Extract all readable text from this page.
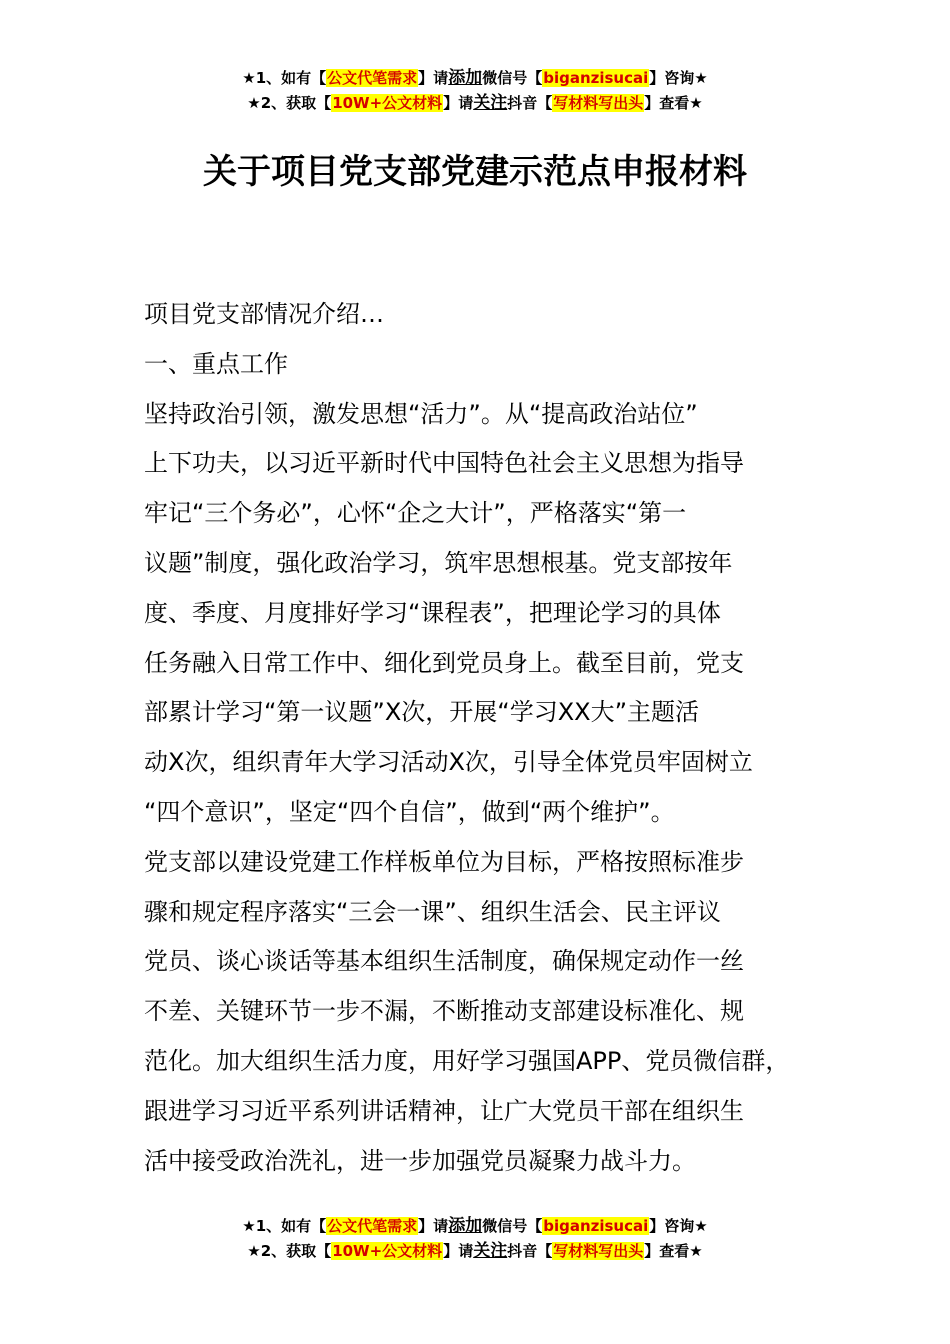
★1、如有【公文代笔需求】请添加微信号【biganzisucai】咨询★
★2、获取【10W+公文材料】请关注抖音【写材料写出头】查看★
关于项目党支部党建示范点申报材料
项目党支部情况介绍…
一、重点工作
坚持政治引领，激发思想“活力”。从“提高政治站位”
上下功夫，以习近平新时代中国特色社会主义思想为指导
牢记“三个务必”，心怀“企之大计”，严格落实“第一
议题”制度，强化政治学习，筑牢思想根基。党支部按年
度、季度、月度排好学习“课程表”，把理论学习的具体
任务融入日常工作中、细化到党员身上。截至目前，党支
部累计学习“第一议题”X次，开展“学习XX大”主题活
动X次，组织青年大学习活动X次，引导全体党员牢固树立
“四个意识”，坚定“四个自信”，做到“两个维护”。
党支部以建设党建工作样板单位为目标，严格按照标准步
骤和规定程序落实“三会一课”、组织生活会、民主评议
党员、谈心谈话等基本组织生活制度，确保规定动作一丝
不差、关键环节一步不漏，不断推动支部建设标准化、规
范化。加大组织生活力度，用好学习强国APP、党员微信群，
跟进学习习近平系列讲话精神，让广大党员干部在组织生
活中接受政治洗礼，进一步加强党员凝聚力战斗力。
★1、如有【公文代笔需求】请添加微信号【biganzisucai】咨询★
★2、获取【10W+公文材料】请关注抖音【写材料写出头】查看★
